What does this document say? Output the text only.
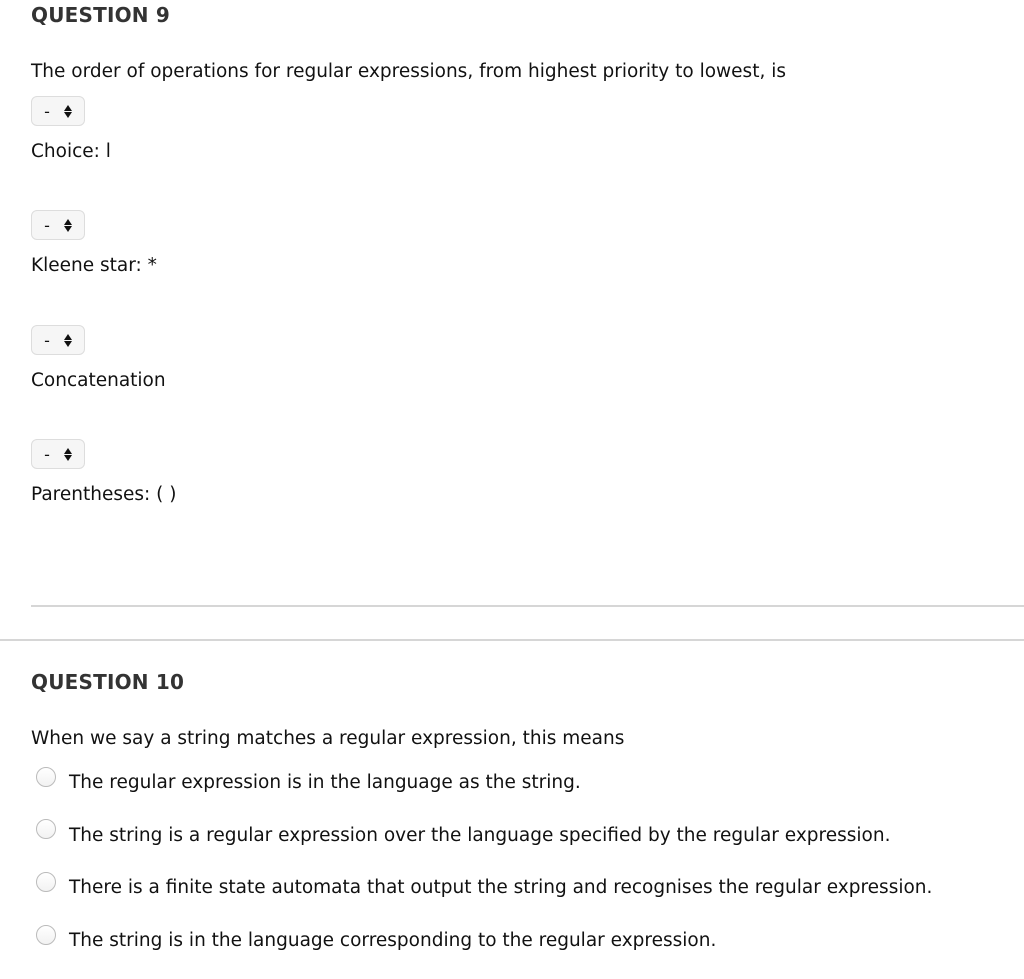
QUESTION 9
The order of operations for regular expressions, from highest priority to lowest, is
-
Choice: l
-
Kleene star: *
-
Concatenation
-
Parentheses: ( )
QUESTION 10
When we say a string matches a regular expression, this means
The regular expression is in the language as the string.
The string is a regular expression over the language specified by the regular expression.
There is a finite state automata that output the string and recognises the regular expression.
The string is in the language corresponding to the regular expression.
